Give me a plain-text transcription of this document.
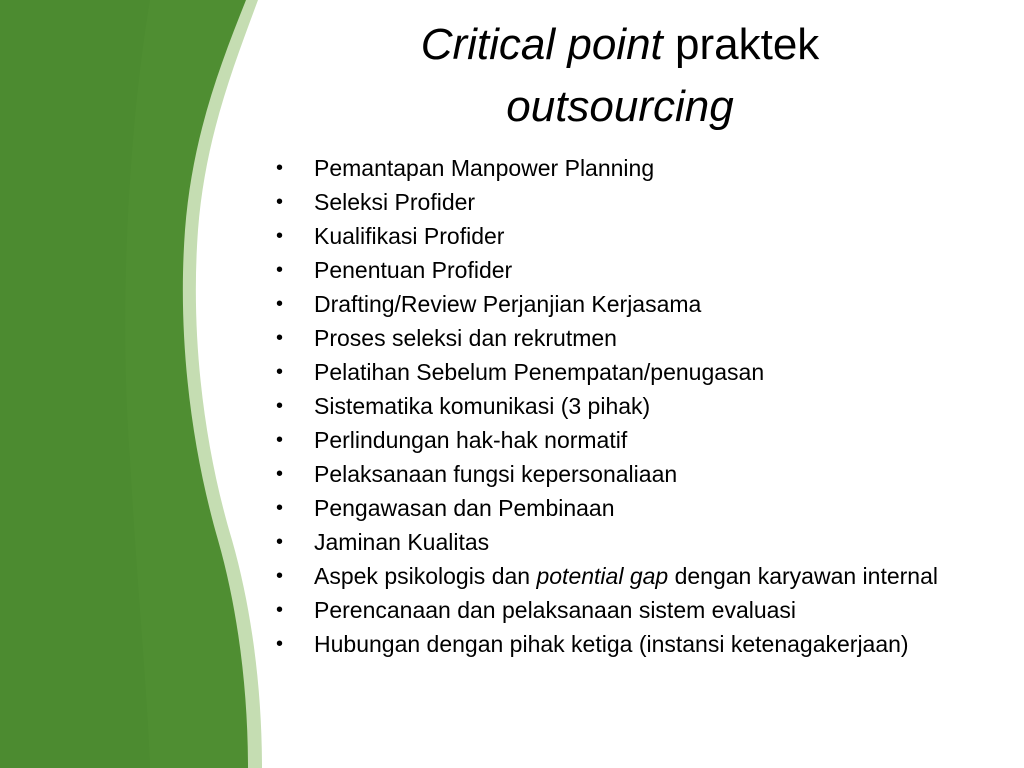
Critical point praktek
outsourcing
• Pemantapan Manpower Planning
• Seleksi Profider
• Kualifikasi Profider
• Penentuan Profider
• Drafting/Review Perjanjian Kerjasama
• Proses seleksi dan rekrutmen
• Pelatihan Sebelum Penempatan/penugasan
• Sistematika komunikasi (3 pihak)
• Perlindungan hak-hak normatif
• Pelaksanaan fungsi kepersonaliaan
• Pengawasan dan Pembinaan
• Jaminan Kualitas
• Aspek psikologis dan potential gap dengan karyawan internal
• Perencanaan dan pelaksanaan sistem evaluasi
• Hubungan dengan pihak ketiga (instansi ketenagakerjaan)
